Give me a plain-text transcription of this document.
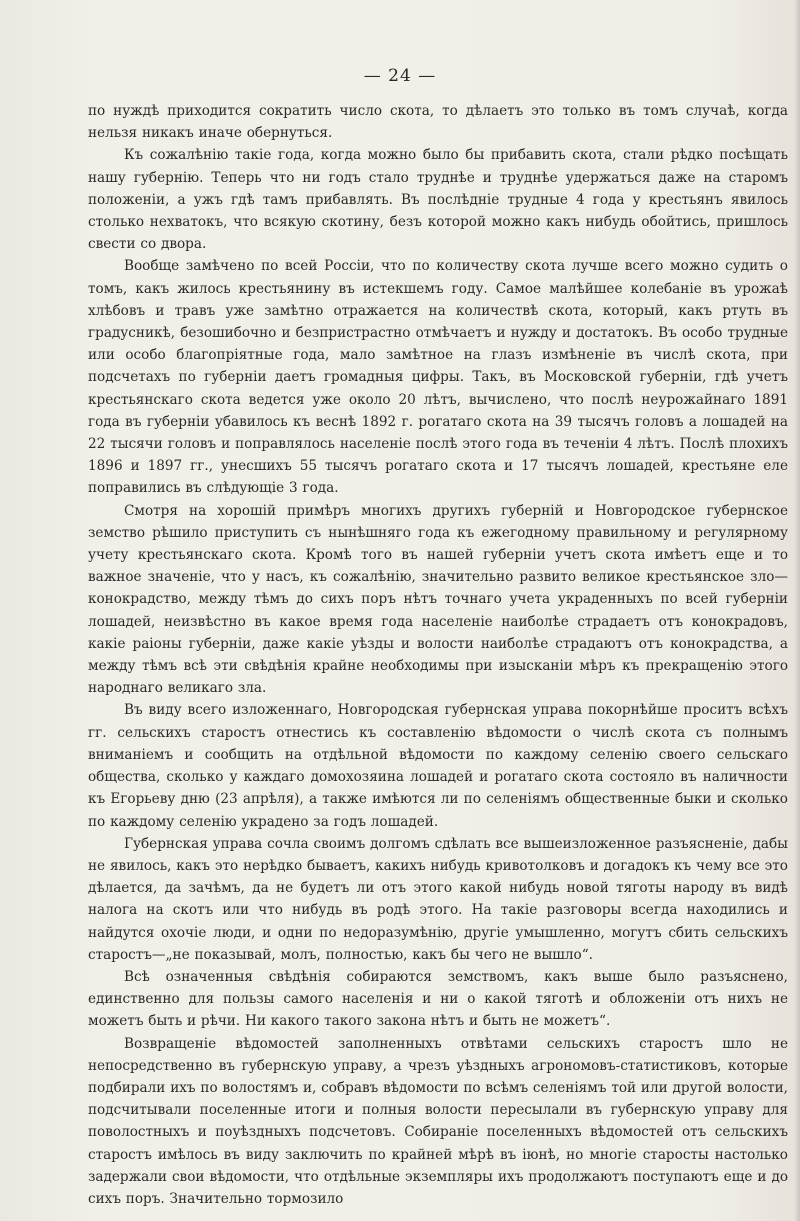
— 24 —

по нуждѣ приходится сократить число скота, то дѣлаетъ это только въ томъ случаѣ, когда нельзя никакъ иначе обернуться.

Къ сожалѣнію такіе года, когда можно было бы прибавить скота, стали рѣдко посѣщать нашу губернію. Теперь что ни годъ стало труднѣе и труднѣе удержаться даже на старомъ положеніи, а ужъ гдѣ тамъ прибавлять. Въ послѣдніе трудные 4 года у крестьянъ явилось столько нехватокъ, что всякую скотину, безъ которой можно какъ нибудь обойтись, пришлось свести со двора.

Вообще замѣчено по всей Россіи, что по количеству скота лучше всего можно судить о томъ, какъ жилось крестьянину въ истекшемъ году. Самое малѣйшее колебаніе въ урожаѣ хлѣбовъ и травъ уже замѣтно отражается на количествѣ скота, который, какъ ртуть въ градусникѣ, безошибочно и безпристрастно отмѣчаетъ и нужду и достатокъ. Въ особо трудные или особо благопріятные года, мало замѣтное на глазъ измѣненіе въ числѣ скота, при подсчетахъ по губерніи даетъ громадныя цифры. Такъ, въ Московской губерніи, гдѣ учетъ крестьянскаго скота ведется уже около 20 лѣтъ, вычислено, что послѣ неурожайнаго 1891 года въ губерніи убавилось къ веснѣ 1892 г. рогатаго скота на 39 тысячъ головъ а лошадей на 22 тысячи головъ и поправлялось населеніе послѣ этого года въ теченіи 4 лѣтъ. Послѣ плохихъ 1896 и 1897 гг., унесшихъ 55 тысячъ рогатаго скота и 17 тысячъ лошадей, крестьяне еле поправились въ слѣдующіе 3 года.

Смотря на хорошій примѣръ многихъ другихъ губерній и Новгородское губернское земство рѣшило приступить съ нынѣшняго года къ ежегодному правильному и регулярному учету крестьянскаго скота. Кромѣ того въ нашей губерніи учетъ скота имѣетъ еще и то важное значеніе, что у насъ, къ сожалѣнію, значительно развито великое крестьянское зло—конокрадство, между тѣмъ до сихъ поръ нѣтъ точнаго учета украденныхъ по всей губерніи лошадей, неизвѣстно въ какое время года населеніе наиболѣе страдаетъ отъ конокрадовъ, какіе раіоны губерніи, даже какіе уѣзды и волости наиболѣе страдаютъ отъ конокрадства, а между тѣмъ всѣ эти свѣдѣнія крайне необходимы при изысканіи мѣръ къ прекращенію этого народнаго великаго зла.

Въ виду всего изложеннаго, Новгородская губернская управа покорнѣйше проситъ всѣхъ гг. сельскихъ старостъ отнестись къ составленію вѣдомости о числѣ скота съ полнымъ вниманіемъ и сообщить на отдѣльной вѣдомости по каждому селенію своего сельскаго общества, сколько у каждаго домохозяина лошадей и рогатаго скота состояло въ наличности къ Егорьеву дню (23 апрѣля), а также имѣются ли по селеніямъ общественные быки и сколько по каждому селенію украдено за годъ лошадей.

Губернская управа сочла своимъ долгомъ сдѣлать все вышеизложенное разъясненіе, дабы не явилось, какъ это нерѣдко бываетъ, какихъ нибудь кривотолковъ и догадокъ къ чему все это дѣлается, да зачѣмъ, да не будетъ ли отъ этого какой нибудь новой тяготы народу въ видѣ налога на скотъ или что нибудь въ родѣ этого. На такіе разговоры всегда находились и найдутся охочіе люди, и одни по недоразумѣнію, другіе умышленно, могутъ сбить сельскихъ старостъ—„не показывай, молъ, полностью, какъ бы чего не вышло“.

Всѣ означенныя свѣдѣнія собираются земствомъ, какъ выше было разъяснено, единственно для пользы самого населенія и ни о какой тяготѣ и обложеніи отъ нихъ не можетъ быть и рѣчи. Ни какого такого закона нѣтъ и быть не можетъ“.

Возвращеніе вѣдомостей заполненныхъ отвѣтами сельскихъ старостъ шло не непосредственно въ губернскую управу, а чрезъ уѣздныхъ агрономовъ-статистиковъ, которые подбирали ихъ по волостямъ и, собравъ вѣдомости по всѣмъ селеніямъ той или другой волости, подсчитывали поселенные итоги и полныя волости пересылали въ губернскую управу для поволостныхъ и поуѣздныхъ подсчетовъ. Собираніе поселенныхъ вѣдомостей отъ сельскихъ старостъ имѣлось въ виду заключить по крайней мѣрѣ въ іюнѣ, но многіе старосты настолько задержали свои вѣдомости, что отдѣльные экземпляры ихъ продолжаютъ поступаютъ еще и до сихъ поръ. Значительно тормозило
